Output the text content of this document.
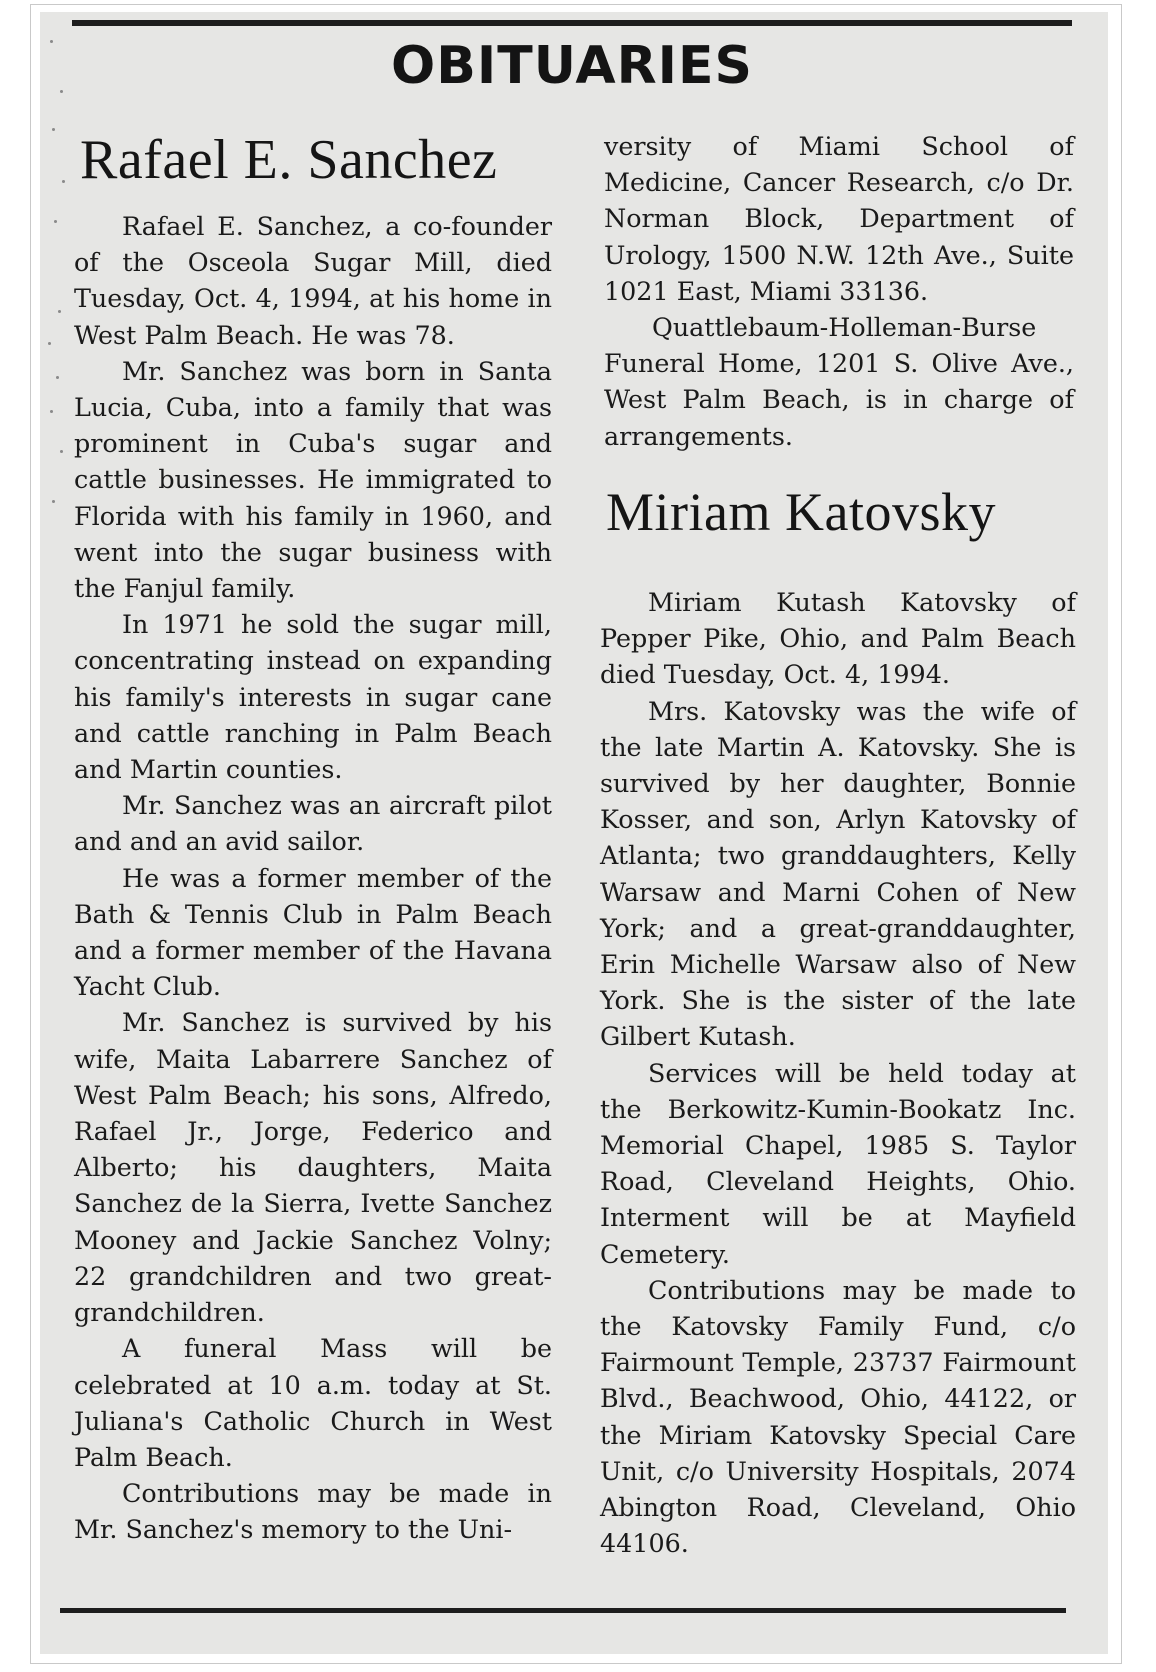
OBITUARIES
Rafael E. Sanchez

Rafael E. Sanchez, a co-founder of the Osceola Sugar Mill, died Tuesday, Oct. 4, 1994, at his home in West Palm Beach. He was 78.

Mr. Sanchez was born in Santa Lucia, Cuba, into a family that was prominent in Cuba's sugar and cattle businesses. He immigrated to Florida with his family in 1960, and went into the sugar business with the Fanjul family.

In 1971 he sold the sugar mill, concentrating instead on expanding his family's interests in sugar cane and cattle ranching in Palm Beach and Martin counties.

Mr. Sanchez was an aircraft pilot and and an avid sailor.

He was a former member of the Bath & Tennis Club in Palm Beach and a former member of the Havana Yacht Club.

Mr. Sanchez is survived by his wife, Maita Labarrere Sanchez of West Palm Beach; his sons, Alfredo, Rafael Jr., Jorge, Federico and Alberto; his daughters, Maita Sanchez de la Sierra, Ivette Sanchez Mooney and Jackie Sanchez Volny; 22 grandchildren and two great-grandchildren.

A funeral Mass will be celebrated at 10 a.m. today at St. Juliana's Catholic Church in West Palm Beach.

Contributions may be made in Mr. Sanchez's memory to the Uni-

versity of Miami School of Medicine, Cancer Research, c/o Dr. Norman Block, Department of Urology, 1500 N.W. 12th Ave., Suite 1021 East, Miami 33136.

Quattlebaum-Holleman-Burse Funeral Home, 1201 S. Olive Ave., West Palm Beach, is in charge of arrangements.

Miriam Katovsky

Miriam Kutash Katovsky of Pepper Pike, Ohio, and Palm Beach died Tuesday, Oct. 4, 1994.

Mrs. Katovsky was the wife of the late Martin A. Katovsky. She is survived by her daughter, Bonnie Kosser, and son, Arlyn Katovsky of Atlanta; two granddaughters, Kelly Warsaw and Marni Cohen of New York; and a great-granddaughter, Erin Michelle Warsaw also of New York. She is the sister of the late Gilbert Kutash.

Services will be held today at the Berkowitz-Kumin-Bookatz Inc. Memorial Chapel, 1985 S. Taylor Road, Cleveland Heights, Ohio. Interment will be at Mayfield Cemetery.

Contributions may be made to the Katovsky Family Fund, c/o Fairmount Temple, 23737 Fairmount Blvd., Beachwood, Ohio, 44122, or the Miriam Katovsky Special Care Unit, c/o University Hospitals, 2074 Abington Road, Cleveland, Ohio 44106.
